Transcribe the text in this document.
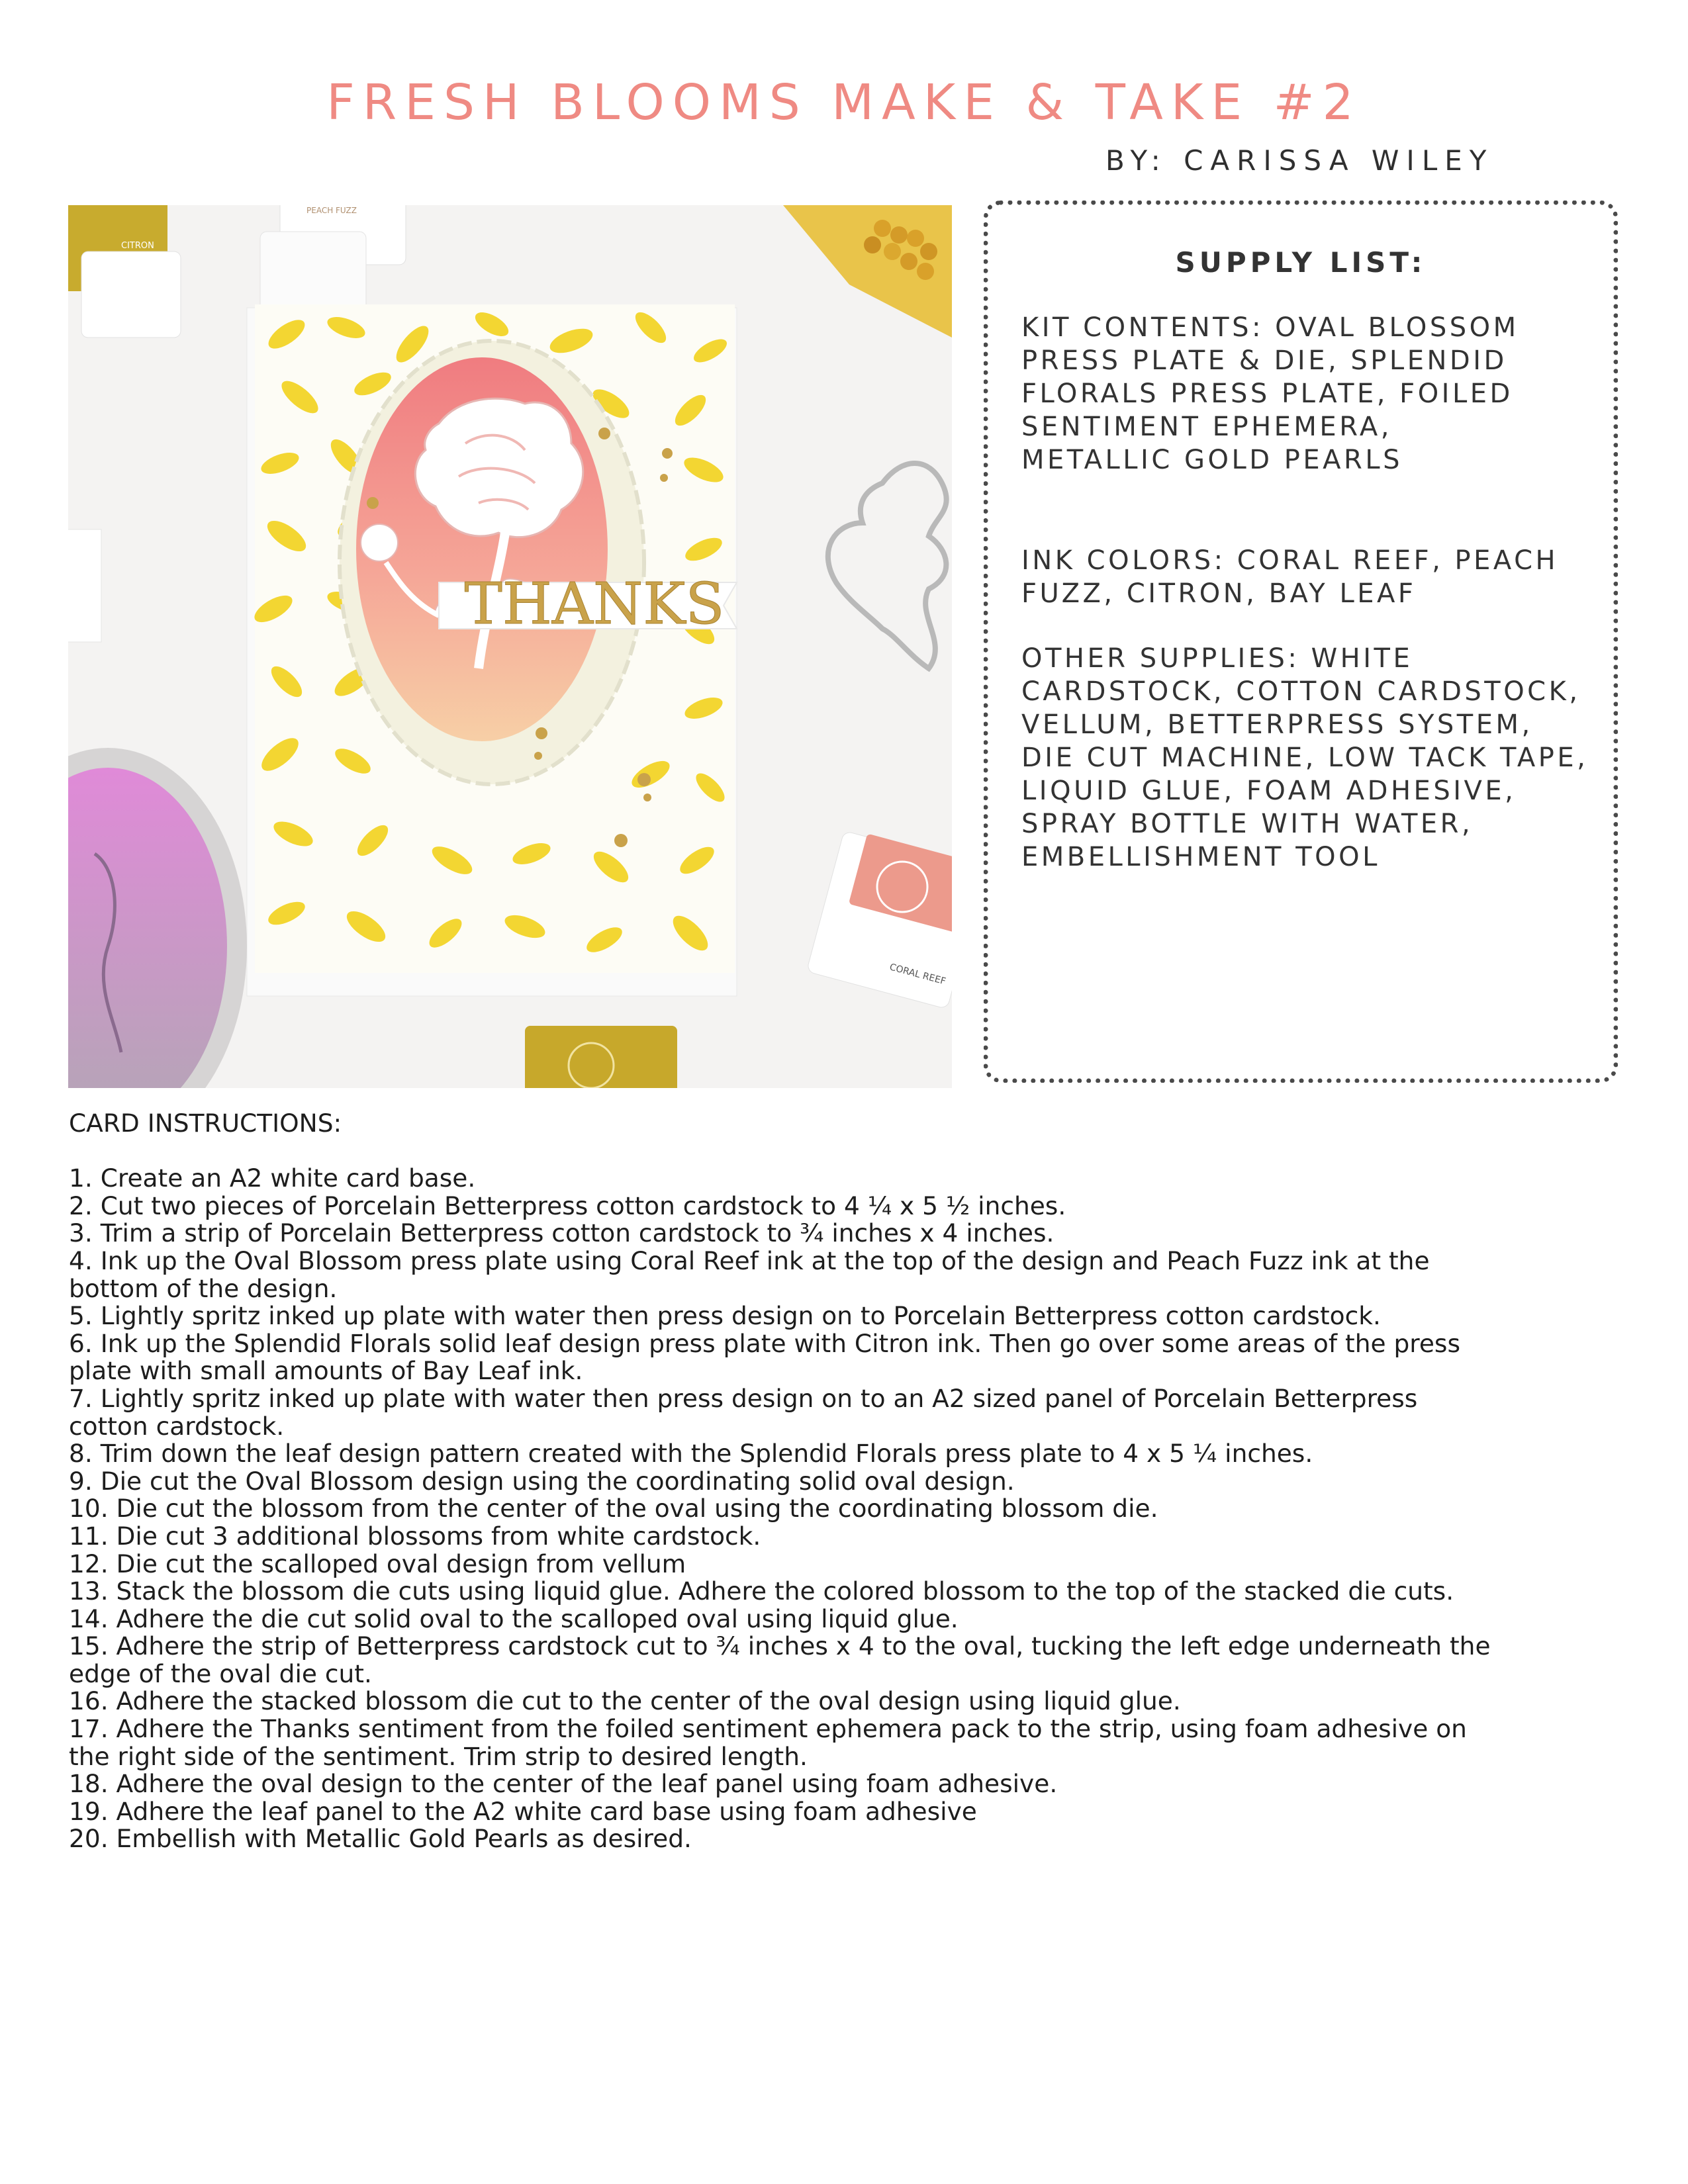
FRESH BLOOMS MAKE & TAKE #2
BY: CARISSA WILEY
CITRON
PEACH FUZZ
THANKS
CORAL REEF
SUPPLY LIST:
KIT CONTENTS: OVAL BLOSSOM
PRESS PLATE & DIE, SPLENDID
FLORALS PRESS PLATE, FOILED
SENTIMENT EPHEMERA,
METALLIC GOLD PEARLS
INK COLORS: CORAL REEF, PEACH
FUZZ, CITRON, BAY LEAF
OTHER SUPPLIES: WHITE
CARDSTOCK, COTTON CARDSTOCK,
VELLUM, BETTERPRESS SYSTEM,
DIE CUT MACHINE, LOW TACK TAPE,
LIQUID GLUE, FOAM ADHESIVE,
SPRAY BOTTLE WITH WATER,
EMBELLISHMENT TOOL
CARD INSTRUCTIONS:
1. Create an A2 white card base.
2. Cut two pieces of Porcelain Betterpress cotton cardstock to 4 ¼ x 5 ½ inches.
3. Trim a strip of Porcelain Betterpress cotton cardstock to ¾ inches x 4 inches.
4. Ink up the Oval Blossom press plate using Coral Reef ink at the top of the design and Peach Fuzz ink at the
bottom of the design.
5. Lightly spritz inked up plate with water then press design on to Porcelain Betterpress cotton cardstock.
6. Ink up the Splendid Florals solid leaf design press plate with Citron ink. Then go over some areas of the press
plate with small amounts of Bay Leaf ink.
7. Lightly spritz inked up plate with water then press design on to an A2 sized panel of Porcelain Betterpress
cotton cardstock.
8. Trim down the leaf design pattern created with the Splendid Florals press plate to 4 x 5 ¼ inches.
9. Die cut the Oval Blossom design using the coordinating solid oval design.
10. Die cut the blossom from the center of the oval using the coordinating blossom die.
11. Die cut 3 additional blossoms from white cardstock.
12. Die cut the scalloped oval design from vellum
13. Stack the blossom die cuts using liquid glue. Adhere the colored blossom to the top of the stacked die cuts.
14. Adhere the die cut solid oval to the scalloped oval using liquid glue.
15. Adhere the strip of Betterpress cardstock cut to ¾ inches x 4 to the oval, tucking the left edge underneath the
edge of the oval die cut.
16. Adhere the stacked blossom die cut to the center of the oval design using liquid glue.
17. Adhere the Thanks sentiment from the foiled sentiment ephemera pack to the strip, using foam adhesive on
the right side of the sentiment. Trim strip to desired length.
18. Adhere the oval design to the center of the leaf panel using foam adhesive.
19. Adhere the leaf panel to the A2 white card base using foam adhesive
20. Embellish with Metallic Gold Pearls as desired.
